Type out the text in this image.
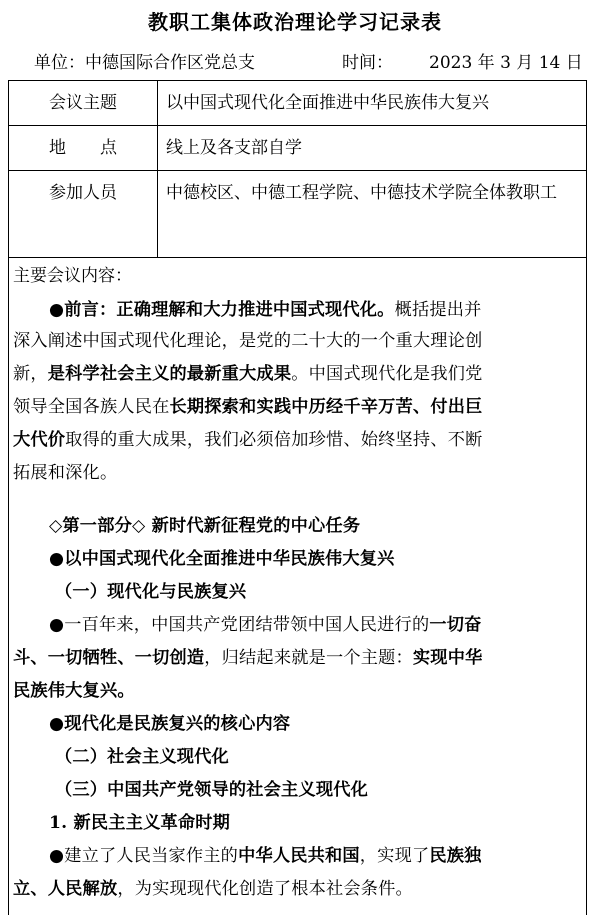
教职工集体政治理论学习记录表
单位：中德国际合作区党总支	时间： 2023 年 3 月 14 日
会议主题	以中国式现代化全面推进中华民族伟大复兴

地　　点	线上及各支部自学

参加人员	中德校区、中德工程学院、中德技术学院全体教职工
主要会议内容：
●前言：正确理解和大力推进中国式现代化。概括提出并
深入阐述中国式现代化理论，是党的二十大的一个重大理论创
新，是科学社会主义的最新重大成果。中国式现代化是我们党
领导全国各族人民在长期探索和实践中历经千辛万苦、付出巨
大代价取得的重大成果，我们必须倍加珍惜、始终坚持、不断
拓展和深化。
◇第一部分◇ 新时代新征程党的中心任务
●以中国式现代化全面推进中华民族伟大复兴
（一）现代化与民族复兴
●一百年来，中国共产党团结带领中国人民进行的一切奋
斗、一切牺牲、一切创造，归结起来就是一个主题：实现中华
民族伟大复兴。
●现代化是民族复兴的核心内容
（二）社会主义现代化
（三）中国共产党领导的社会主义现代化
1. 新民主主义革命时期
●建立了人民当家作主的中华人民共和国，实现了民族独
立、人民解放，为实现现代化创造了根本社会条件。
